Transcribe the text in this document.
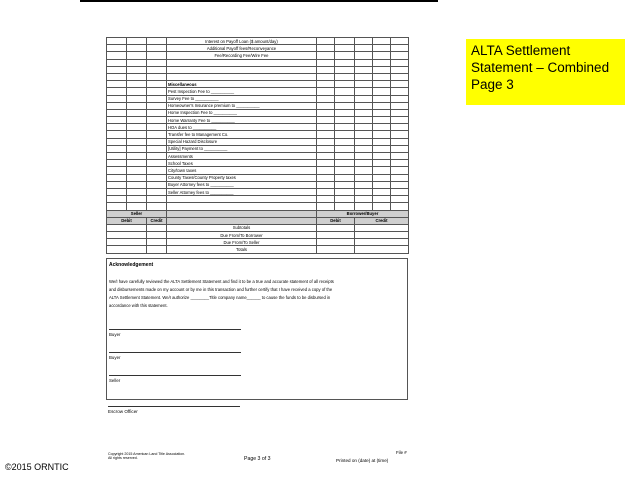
			Interest on Payoff Loan ($ amount/day)					
			Additional Payoff fees/Reconveyance					
			Fee/Recording Fee/Wire Fee					

			Miscellaneous					
			Pest Inspection Fee to __________					
			Survey Fee to __________					
			Homeowner's Insurance premium to __________					
			Home Inspection Fee to __________					
			Home Warranty Fee to __________					
			HOA dues to __________					
			Transfer fee to Management Co.					
			Special Hazard Disclosure					
			[Utility] Payment to __________					
			Assessments					
			School Taxes					
			City/town taxes					
			County Taxes/County Property taxes					
			Buyer Attorney fees to __________					
			Seller Attorney fees to __________					

Seller				Borrower/Buyer				
Debit		Credit		Debit		Credit		
			Subtotals					
			Due From/To Borrower					
			Due From/To Seller					
			Totals					
Acknowledgement
We/I have carefully reviewed the ALTA Settlement Statement and find it to be a true and accurate statement of all receipts
and disbursements made on my account or by me in this transaction and further certify that I have received a copy of the
ALTA Settlement Statement. We/I authorize ________Title company name______ to cause the funds to be disbursed in
accordance with this statement.
Buyer
Buyer
Seller
Escrow Officer
Copyright 2015 American Land Title Association.
All rights reserved.	Page 3 of 3
File #
Printed on (date) at (time)
ALTA Settlement
Statement – Combined
Page 3
©2015 ORNTIC
